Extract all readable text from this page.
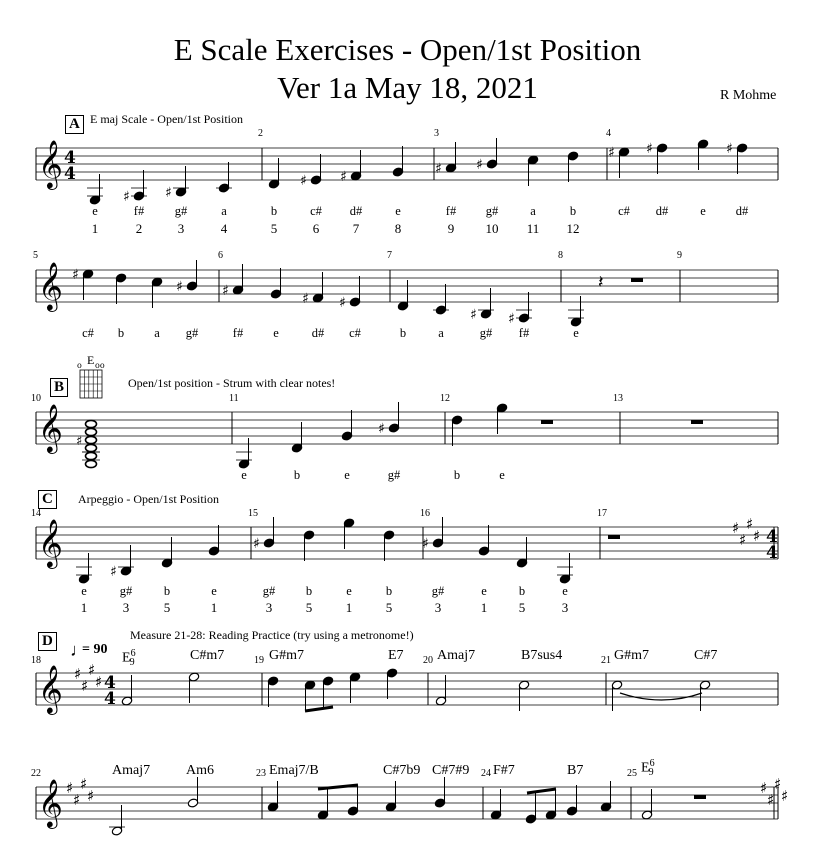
E Scale Exercises - Open/1st Position
Ver 1a May 18, 2021	R Mohme
A E maj Scale - Open/1st Position
B	Open/1st position - Strum with clear notes!
E
C	Arpeggio - Open/1st Position
D	Measure 21-28: Reading Practice (try using a metronome!)
♩
= 90
2	3	4
5	6	7	8	9
10	11	12	13
14	15	16	17
18	19	20	21
22	23	24	25
$E^6_9$	C#m7	G#m7	E7 Amaj7	B7sus4	G#m7	C#7
Amaj7	Am6	Emaj7/B	C#7b9 C#7#9 F#7	B7	$E^6_9$
e	f# g#	a	b	c# d#	e	f# g#	a	b	c# d#	e	d#
1	2	3	4	5	6	7	8	9	10 11 12
c#	b	a	g#	f#	e	d# c#	b	a	g# f#	e
e	b	e	g#	b	e
e	g#	b	e	g#	b	e	b	g#	e	b	e
1	3	5	1	3	5	1	5	3	1	5	3
𝄞 4
4
♯	♯
♯ ♯	♯ ♯
♯ ♯	♯
𝄞 ♯
♯	♯	♯ ♯
♯ ♯
𝄽
𝄞 ♯
♯
o oo
𝄞
♯
♯	♯
♯
♯
♯
♯ 4
4
𝄞 ♯
♯
♯
♯ 4
4
𝄞 ♯
♯
♯
♯	♯
♯
♯
♯
